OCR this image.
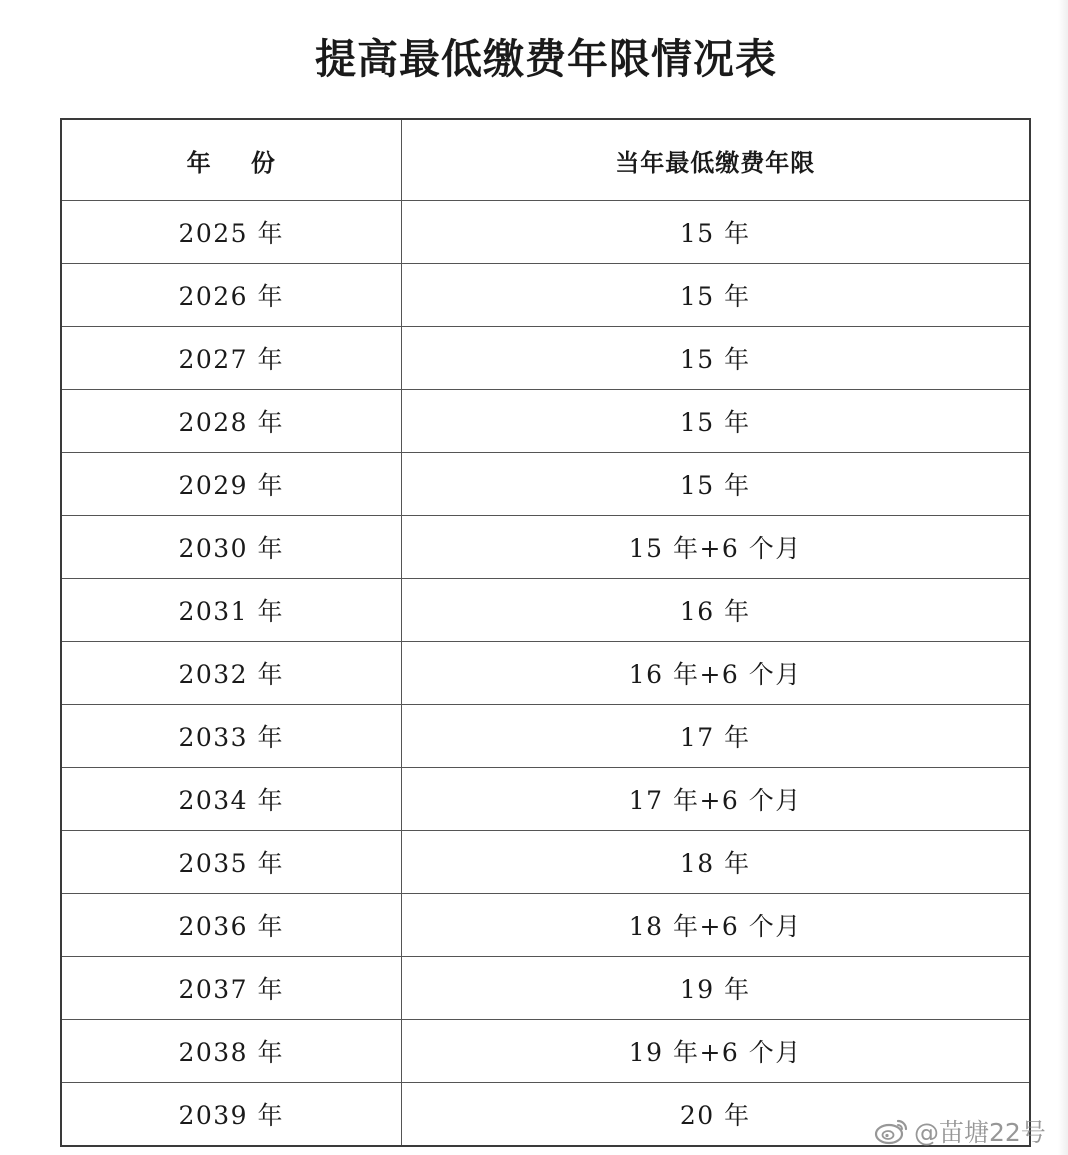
提高最低缴费年限情况表
年 份	当年最低缴费年限
2025 年	15 年
2026 年	15 年
2027 年	15 年
2028 年	15 年
2029 年	15 年
2030 年	15 年+6 个月
2031 年	16 年
2032 年	16 年+6 个月
2033 年	17 年
2034 年	17 年+6 个月
2035 年	18 年
2036 年	18 年+6 个月
2037 年	19 年
2038 年	19 年+6 个月
2039 年	20 年
@苗塘22号
